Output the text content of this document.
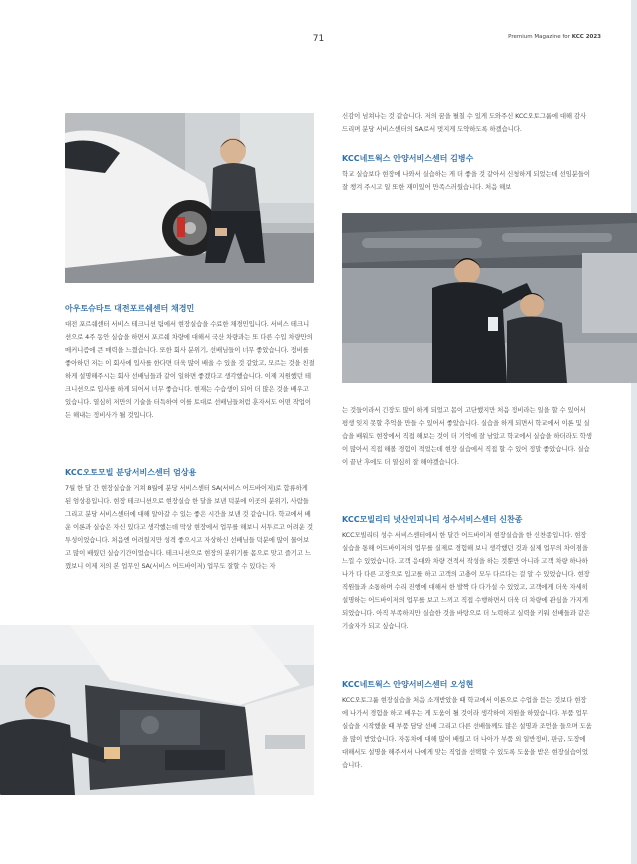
71	Premium Magazine for KCC 2023
아우토슈타트 대전포르쉐센터 채경민

대전 포르쉐센터 서비스 테크니션 팀에서 현장실습을 수료한 채경민입니다. 서비스 테크니션으로 4주 동안 실습을 하면서 포르쉐 차량에 대해서 국산 차량과는 또 다른 수입 차량만의 메커니즘에 큰 매력을 느꼈습니다. 또한 회사 분위기, 선배님들이 너무 좋았습니다. 정비를 좋아하던 저는 이 회사에 입사를 한다면 더욱 많이 배울 수 있을 것 같았고, 모르는 것을 친절하게 설명해주시는 회사 선배님들과 같이 일하면 좋겠다고 생각했습니다. 이제 지원했던 테크니션으로 입사를 하게 되어서 너무 좋습니다. 현재는 수습생이 되어 더 많은 것을 배우고 있습니다. 열심히 저만의 기술을 터득하여 이를 토대로 선배님들처럼 훈자서도 어떤 작업이든 해내는 정비사가 될 것입니다.

KCC오토모빌 분당서비스센터 엄상용

7월 한 달 간 현장실습을 거쳐 8월에 분당 서비스센터 SA(서비스 어드바이저)로 합류하게 된 엄상용입니다. 현장 테크니션으로 현장실습 한 달을 보낸 덕분에 이곳의 분위기, 사람들 그리고 분당 서비스센터에 대해 알아갈 수 있는 좋은 시간을 보낸 것 같습니다. 학교에서 배운 이론과 실습은 자신 있다고 생각했는데 막상 현장에서 업무를 해보니 서투르고 어려운 것 투성이었습니다. 처음엔 어려웠지만 성격 좋으시고 자상하신 선배님들 덕분에 많이 물어보고 많이 배웠던 실습기간이었습니다. 테크니션으로 현장의 분위기를 몸으로 맞고 즐기고 느꼈보니 이제 저의 본 업무인 SA(서비스 어드바이저) 업무도 잘할 수 있다는 자

신감이 넘쳐나는 것 같습니다. 저의 꿈을 펼칠 수 있게 도와주신 KCC오토그룹에 대해 감사드리며 분당 서비스센터의 SA로서 멋지게 도약하도록 하겠습니다.

KCC네트웍스 안양서비스센터 김병수

학교 실습보다 현장에 나와서 실습하는 게 더 좋을 것 같아서 신청하게 되었는데 선임분들이 잘 챙겨 주시고 일 또한 재미있어 만족스러웠습니다. 처음 해보

는 것들이라서 긴장도 많이 하게 되었고 몸이 고단했지만 처음 정비라는 일을 할 수 있어서 평생 잊지 못할 추억을 만들 수 있어서 좋았습니다. 실습을 하게 되면서 학교에서 이론 및 실습을 배워도 현장에서 직접 해보는 것이 더 기억에 잘 남았고 학교에서 실습을 하더라도 학생이 많아서 직접 해볼 경험이 적었는데 현장 실습에서 직접 할 수 있어 정말 좋았습니다. 실습이 끝난 후에도 더 열심히 잘 해야겠습니다.

KCC모빌리티 넛산인피니티 성수서비스센터 신찬종

KCC모빌리티 성수 서비스센터에서 한 달간 어드바이저 현장실습을 한 신찬종입니다. 현장 실습을 통해 어드바이저의 업무를 실제로 경험해 보니 생각했던 것과 실제 업무의 차이점을 느낄 수 있었습니다. 고객 응대와 차량 견적서 작성을 하는 것뿐만 아니라 고객 차량 하나하나가 다 다른 고장으로 입고를 하고 고객의 고충이 모두 다르다는 걸 알 수 있었습니다. 현장 직원들과 소통하며 수리 진행에 대해서 한 발짝 다 다가설 수 있었고, 고객에게 더욱 자세히 설명하는 어드바이저의 업무를 보고 느끼고 직접 수행하면서 더욱 더 차량에 관심을 가지게 되었습니다. 아직 부족하지만 실습한 것을 바탕으로 더 노력하고 실력을 키워 선배들과 같은 기술자가 되고 싶습니다.

KCC네트웍스 안양서비스센터 오성현

KCC오토그룹 현장실습을 처음 소개받았을 때 학교에서 이론으로 수업을 듣는 것보다 현장에 나가서 경험을 하고 배우는 게 도움이 될 것이라 생각하여 지원을 하였습니다. 부품 업무 실습을 시작했을 때 부품 담당 선배 그리고 다른 선배들께도 많은 설명과 조언을 들으며 도움을 많이 받았습니다. 자동차에 대해 많이 배웠고 더 나아가 부품 외 일반정비, 판금, 도장에 대해서도 설명을 해주셔서 나에게 맞는 직업을 선택할 수 있도록 도움을 받은 현장실습이었습니다.
